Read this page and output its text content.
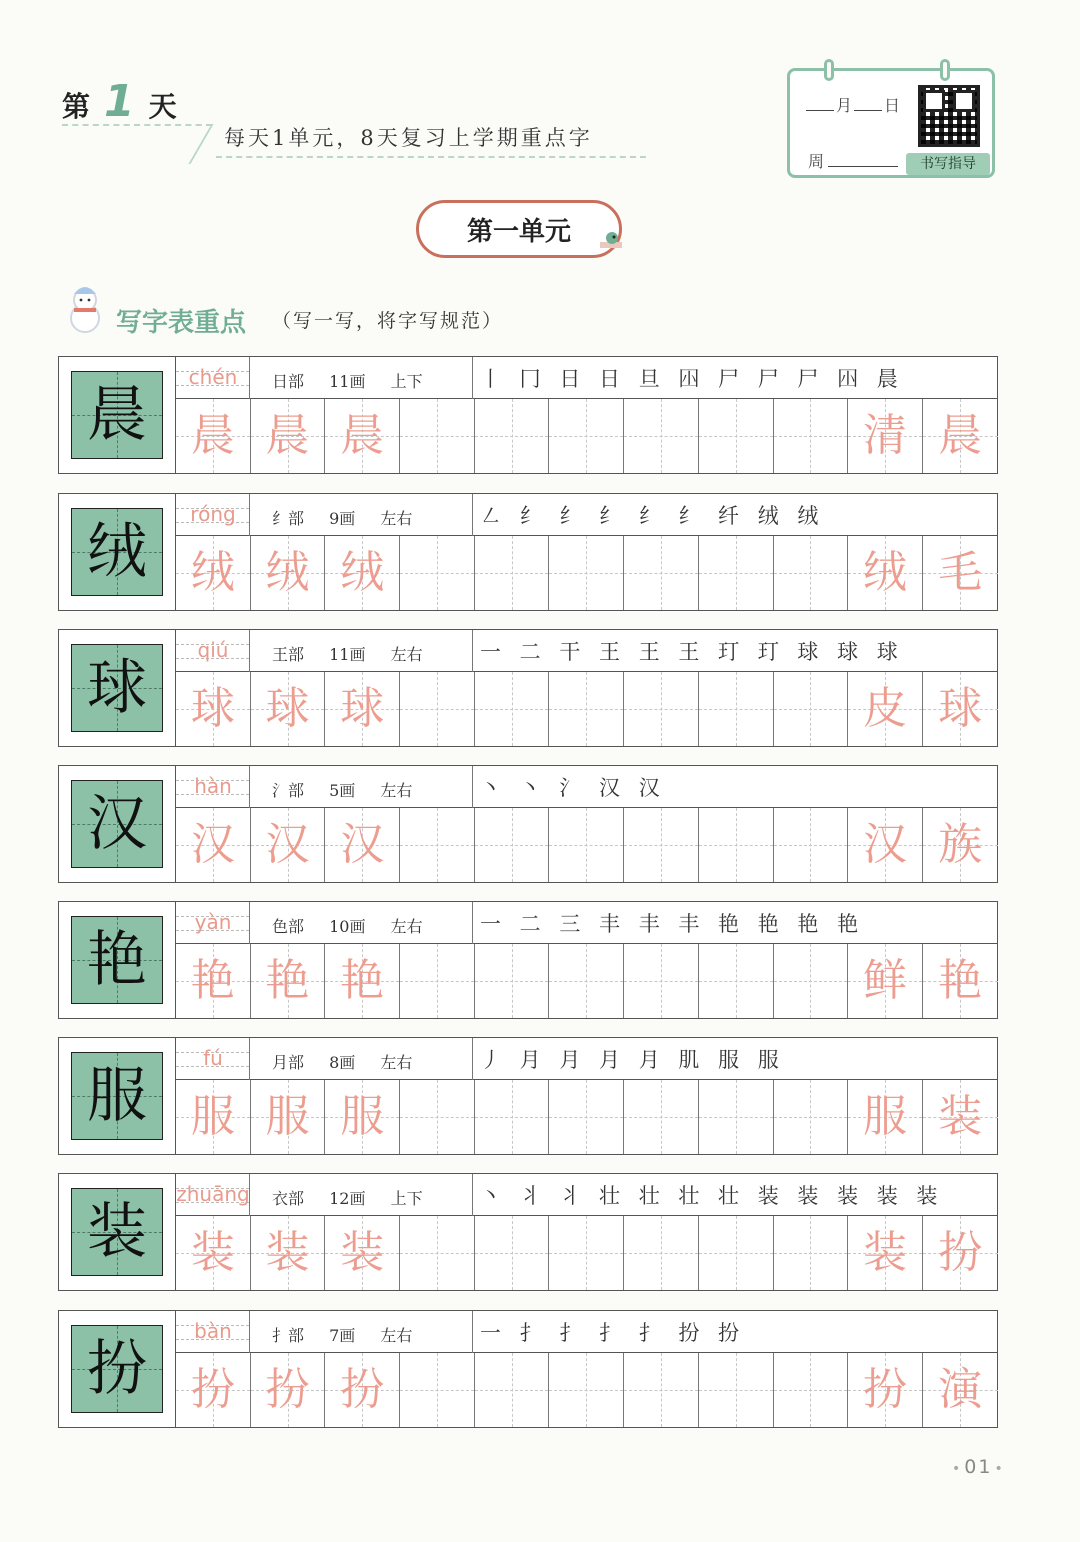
第 1 天
每天1单元，8天复习上学期重点字
月 日
周	书写指导
第一单元
写字表重点 （写一写，将字写规范）
晨
chén	日部 11画 上下	丨 冂 日 日 旦 𡆧 尸 尸 尸 𡆧 晨
晨 晨 晨	清 晨
绒
róng	纟部 9画 左右	㇜ 纟 纟 纟 纟 纟 纤 绒 绒
绒 绒 绒	绒 毛
球
qiú	王部 11画 左右	一 二 干 王 王 王 玎 玎 球 球 球
球 球 球	皮 球
汉
hàn	氵部 5画 左右	丶 丶 氵 汉 汉
汉 汉 汉	汉 族
艳
yàn	色部 10画 左右	一 二 三 丰 丰 丰 艳 艳 艳 艳
艳 艳 艳	鲜 艳
服
fú	月部 8画 左右	丿 月 月 月 月 肌 服 服
服 服 服	服 装
装
zhuāng 衣部 12画 上下	丶 丬 丬 壮 壮 壮 壮 装 装 装 装 装
装 装 装	装 扮
扮
bàn	扌部 7画 左右	一 扌 扌 扌 扌 扮 扮
扮 扮 扮	扮 演
• 01 •
